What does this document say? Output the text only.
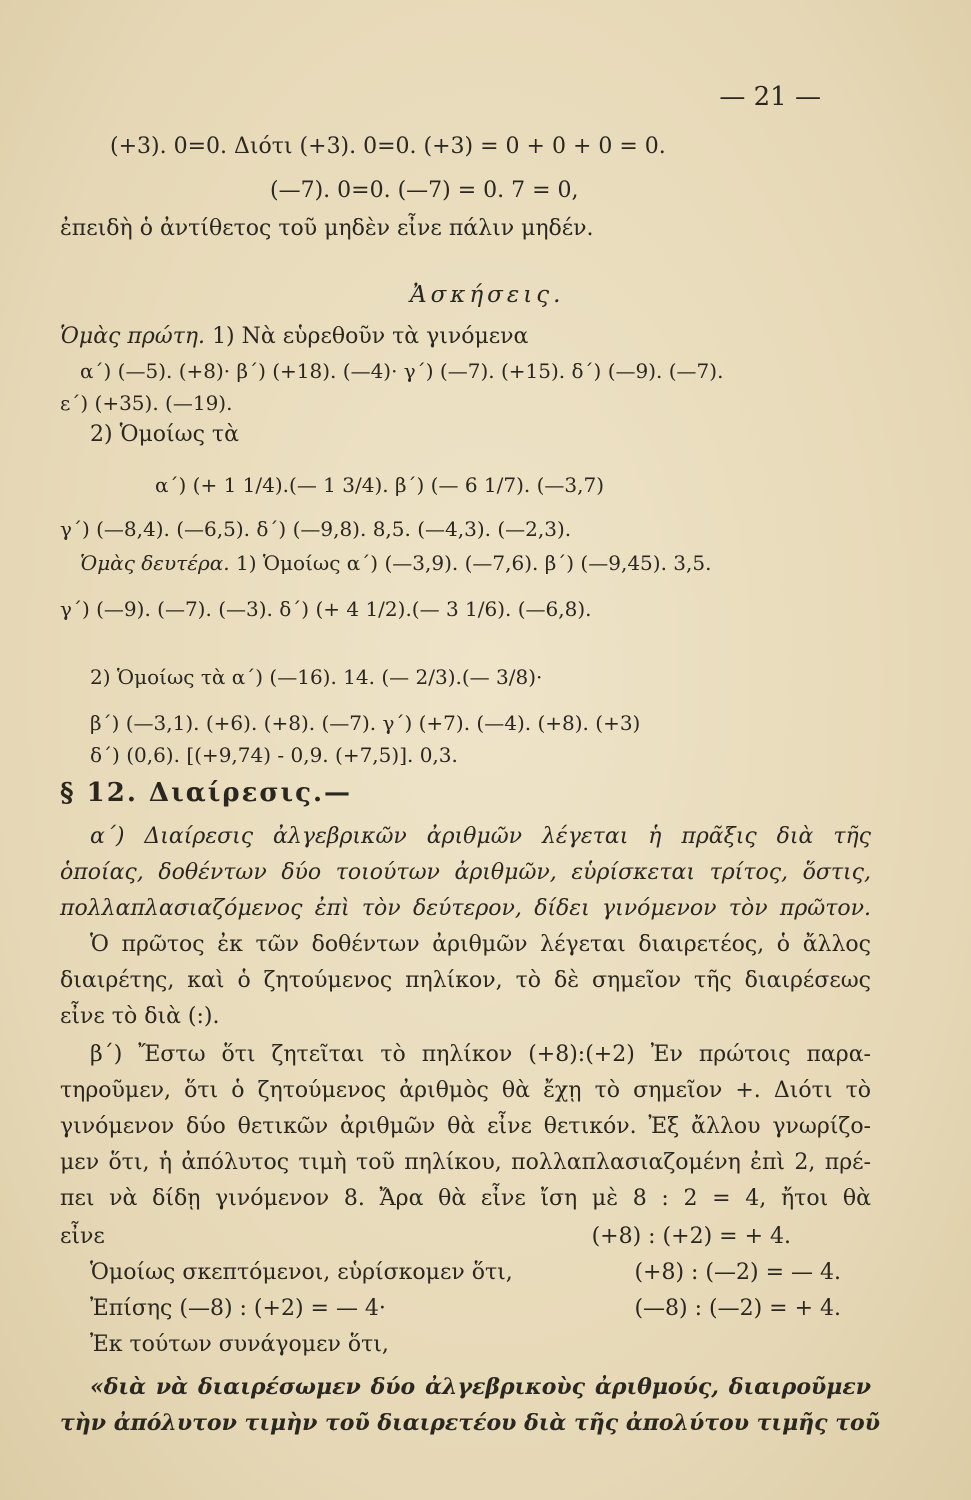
— 21 —
(+3). 0=0. Διότι (+3). 0=0. (+3) = 0 + 0 + 0 = 0.
(—7). 0=0. (—7) = 0. 7 = 0,
ἐπειδὴ ὁ ἀντίθετος τοῦ μηδὲν εἶνε πάλιν μηδέν.
Ἀσκήσεις.
Ὁμὰς πρώτη. 1) Νὰ εὑρεθοῦν τὰ γινόμενα
α΄) (—5). (+8)· β΄) (+18). (—4)· γ΄) (—7). (+15). δ΄) (—9). (—7).
ε΄) (+35). (—19).
2) Ὁμοίως τὰ
α΄) (+ 1 1/4).(— 1 3/4). β΄) (— 6 1/7). (—3,7)
γ΄) (—8,4). (—6,5). δ΄) (—9,8). 8,5. (—4,3). (—2,3).
Ὁμὰς δευτέρα. 1) Ὁμοίως α΄) (—3,9). (—7,6). β΄) (—9,45). 3,5.
γ΄) (—9). (—7). (—3). δ΄) (+ 4 1/2).(— 3 1/6). (—6,8).
2) Ὁμοίως τὰ α΄) (—16). 14. (— 2/3).(— 3/8)·
β΄) (—3,1). (+6). (+8). (—7). γ΄) (+7). (—4). (+8). (+3)
δ΄) (0,6). [(+9,74) - 0,9. (+7,5)]. 0,3.
§ 12. Διαίρεσις.—
α΄) Διαίρεσις ἀλγεβρικῶν ἀριθμῶν λέγεται ἡ πρᾶξις διὰ τῆς
ὁποίας, δοθέντων δύο τοιούτων ἀριθμῶν, εὑρίσκεται τρίτος, ὅστις,
πολλαπλασιαζόμενος ἐπὶ τὸν δεύτερον, δίδει γινόμενον τὸν πρῶτον.
Ὁ πρῶτος ἐκ τῶν δοθέντων ἀριθμῶν λέγεται διαιρετέος, ὁ ἄλλος
διαιρέτης, καὶ ὁ ζητούμενος πηλίκον, τὸ δὲ σημεῖον τῆς διαιρέσεως
εἶνε τὸ διὰ (:).
β΄) Ἔστω ὅτι ζητεῖται τὸ πηλίκον (+8):(+2) Ἐν πρώτοις παρα-
τηροῦμεν, ὅτι ὁ ζητούμενος ἀριθμὸς θὰ ἔχῃ τὸ σημεῖον +. Διότι τὸ
γινόμενον δύο θετικῶν ἀριθμῶν θὰ εἶνε θετικόν. Ἐξ ἄλλου γνωρίζο-
μεν ὅτι, ἡ ἀπόλυτος τιμὴ τοῦ πηλίκου, πολλαπλασιαζομένη ἐπὶ 2, πρέ-
πει νὰ δίδῃ γινόμενον 8. Ἄρα θὰ εἶνε ἴση μὲ 8 : 2 = 4, ἤτοι θὰ
εἶνε	(+8) : (+2) = + 4.
Ὁμοίως σκεπτόμενοι, εὑρίσκομεν ὅτι,	(+8) : (—2) = — 4.
Ἐπίσης (—8) : (+2) = — 4·	(—8) : (—2) = + 4.
Ἐκ τούτων συνάγομεν ὅτι,
«διὰ νὰ διαιρέσωμεν δύο ἀλγεβρικοὺς ἀριθμούς, διαιροῦμεν
τὴν ἀπόλυτον τιμὴν τοῦ διαιρετέου διὰ τῆς ἀπολύτου τιμῆς τοῦ
